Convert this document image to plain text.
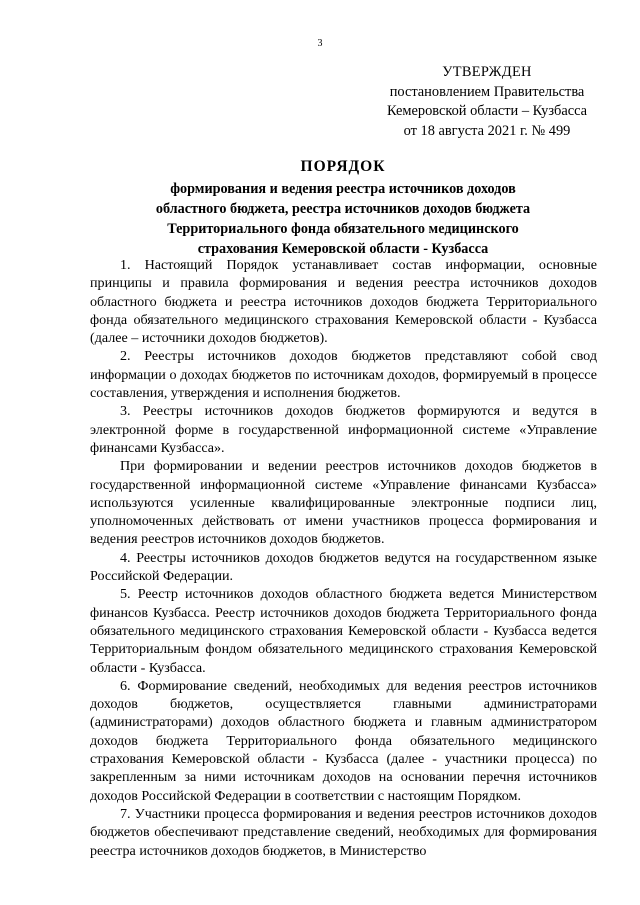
3
УТВЕРЖДЕН
постановлением Правительства
Кемеровской области – Кузбасса
от 18 августа 2021 г. № 499
ПОРЯДОК
формирования и ведения реестра источников доходов
областного бюджета, реестра источников доходов бюджета
Территориального фонда обязательного медицинского
страхования Кемеровской области - Кузбасса

1. Настоящий Порядок устанавливает состав информации, основные принципы и правила формирования и ведения реестра источников доходов областного бюджета и реестра источников доходов бюджета Территориального фонда обязательного медицинского страхования Кемеровской области - Кузбасса (далее – источники доходов бюджетов).

2. Реестры источников доходов бюджетов представляют собой свод информации о доходах бюджетов по источникам доходов, формируемый в процессе составления, утверждения и исполнения бюджетов.

3. Реестры источников доходов бюджетов формируются и ведутся в электронной форме в государственной информационной системе «Управление финансами Кузбасса».

При формировании и ведении реестров источников доходов бюджетов в государственной информационной системе «Управление финансами Кузбасса» используются усиленные квалифицированные электронные подписи лиц, уполномоченных действовать от имени участников процесса формирования и ведения реестров источников доходов бюджетов.

4. Реестры источников доходов бюджетов ведутся на государственном языке Российской Федерации.

5. Реестр источников доходов областного бюджета ведется Министерством финансов Кузбасса. Реестр источников доходов бюджета Территориального фонда обязательного медицинского страхования Кемеровской области - Кузбасса ведется Территориальным фондом обязательного медицинского страхования Кемеровской области - Кузбасса.

6. Формирование сведений, необходимых для ведения реестров источников доходов бюджетов, осуществляется главными администраторами (администраторами) доходов областного бюджета и главным администратором доходов бюджета Территориального фонда обязательного медицинского страхования Кемеровской области - Кузбасса (далее - участники процесса) по закрепленным за ними источникам доходов на основании перечня источников доходов Российской Федерации в соответствии с настоящим Порядком.

7. Участники процесса формирования и ведения реестров источников доходов бюджетов обеспечивают представление сведений, необходимых для формирования реестра источников доходов бюджетов, в Министерство
